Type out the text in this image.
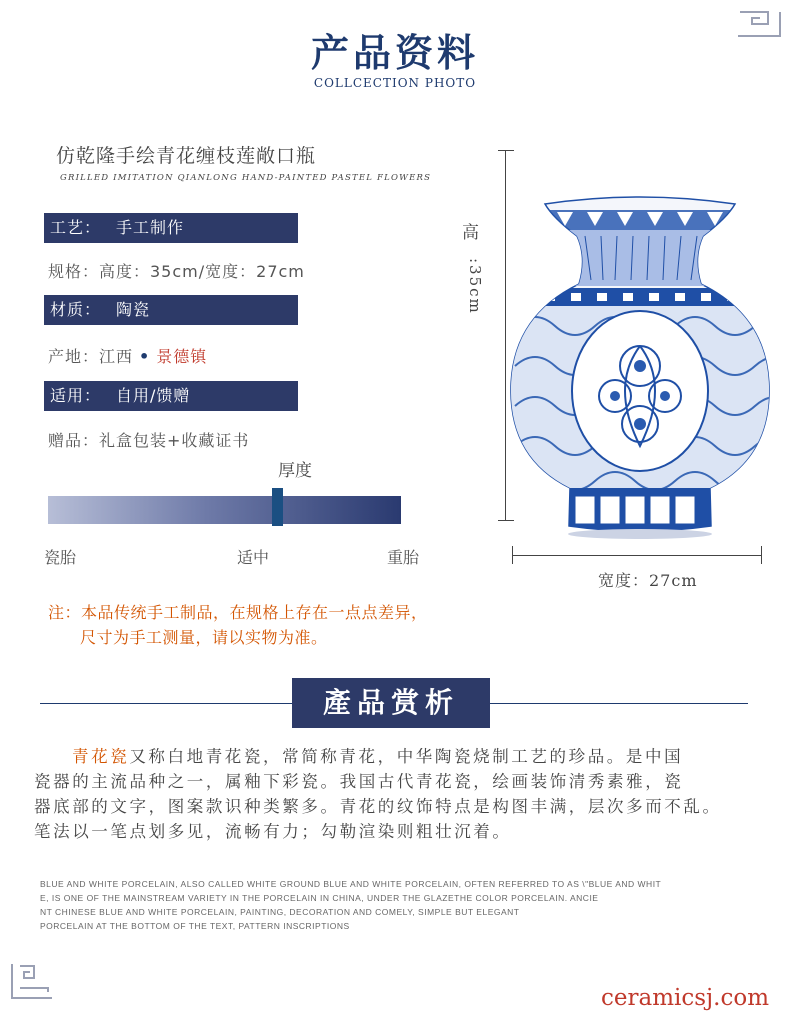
产品资料
COLLCECTION PHOTO
仿乾隆手绘青花缠枝莲敞口瓶
GRILLED IMITATION QIANLONG HAND-PAINTED PASTEL FLOWERS
工艺： 手工制作
规格：高度：35cm/宽度：27cm
材质： 陶瓷
产地：江西 • 景德镇
适用： 自用/馈赠
赠品：礼盒包装+收藏证书
厚度
瓷胎	适中	重胎
高
:35cm
宽度：27cm
注：本品传统手工制品，在规格上存在一点点差异，
尺寸为手工测量，请以实物为准。
產品赏析

青花瓷又称白地青花瓷，常简称青花，中华陶瓷烧制工艺的珍品。是中国

瓷器的主流品种之一，属釉下彩瓷。我国古代青花瓷，绘画装饰清秀素雅，瓷

器底部的文字，图案款识种类繁多。青花的纹饰特点是构图丰满，层次多而不乱。

笔法以一笔点划多见，流畅有力；勾勒渲染则粗壮沉着。

BLUE AND WHITE PORCELAIN, ALSO CALLED WHITE GROUND BLUE AND WHITE PORCELAIN, OFTEN REFERRED TO AS \"BLUE AND WHIT
E, IS ONE OF THE MAINSTREAM VARIETY IN THE PORCELAIN IN CHINA, UNDER THE GLAZETHE COLOR PORCELAIN. ANCIE
NT CHINESE BLUE AND WHITE PORCELAIN, PAINTING, DECORATION AND COMELY, SIMPLE BUT ELEGANT
PORCELAIN AT THE BOTTOM OF THE TEXT, PATTERN INSCRIPTIONS
ceramicsj.com
